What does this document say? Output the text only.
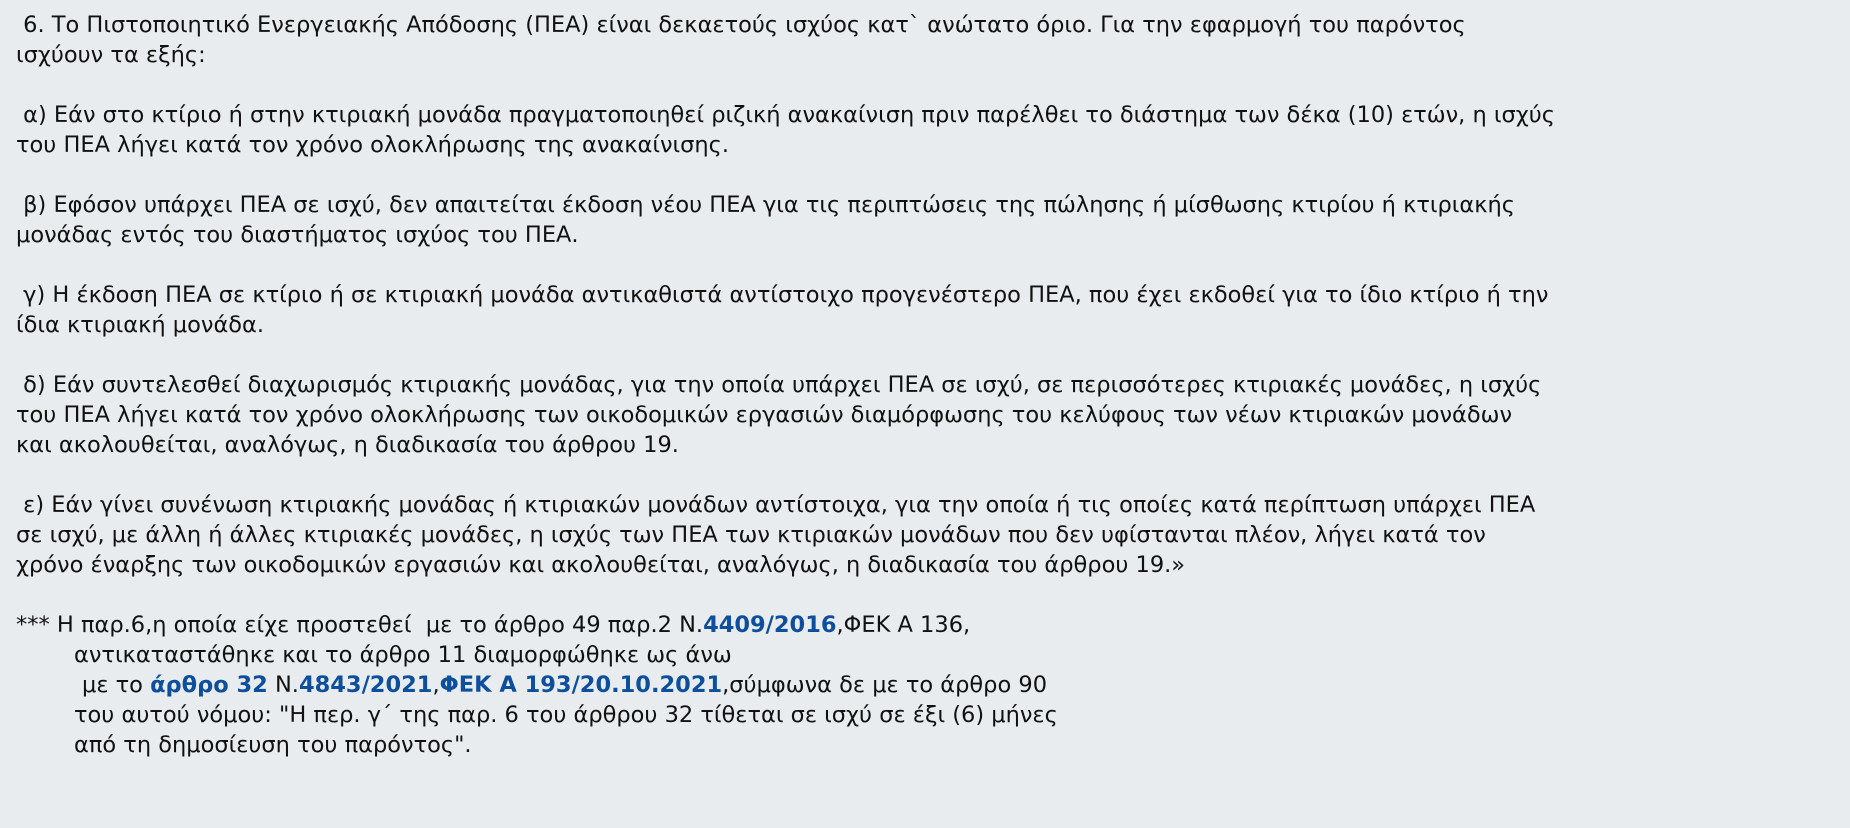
6. Το Πιστοποιητικό Ενεργειακής Απόδοσης (ΠΕΑ) είναι δεκαετούς ισχύος κατ` ανώτατο όριο. Για την εφαρμογή του παρόντος

ισχύουν τα εξής:

α) Εάν στο κτίριο ή στην κτιριακή μονάδα πραγματοποιηθεί ριζική ανακαίνιση πριν παρέλθει το διάστημα των δέκα (10) ετών, η ισχύς

του ΠΕΑ λήγει κατά τον χρόνο ολοκλήρωσης της ανακαίνισης.

β) Εφόσον υπάρχει ΠΕΑ σε ισχύ, δεν απαιτείται έκδοση νέου ΠΕΑ για τις περιπτώσεις της πώλησης ή μίσθωσης κτιρίου ή κτιριακής

μονάδας εντός του διαστήματος ισχύος του ΠΕΑ.

γ) Η έκδοση ΠΕΑ σε κτίριο ή σε κτιριακή μονάδα αντικαθιστά αντίστοιχο προγενέστερο ΠΕΑ, που έχει εκδοθεί για το ίδιο κτίριο ή την

ίδια κτιριακή μονάδα.

δ) Εάν συντελεσθεί διαχωρισμός κτιριακής μονάδας, για την οποία υπάρχει ΠΕΑ σε ισχύ, σε περισσότερες κτιριακές μονάδες, η ισχύς

του ΠΕΑ λήγει κατά τον χρόνο ολοκλήρωσης των οικοδομικών εργασιών διαμόρφωσης του κελύφους των νέων κτιριακών μονάδων

και ακολουθείται, αναλόγως, η διαδικασία του άρθρου 19.

ε) Εάν γίνει συνένωση κτιριακής μονάδας ή κτιριακών μονάδων αντίστοιχα, για την οποία ή τις οποίες κατά περίπτωση υπάρχει ΠΕΑ

σε ισχύ, με άλλη ή άλλες κτιριακές μονάδες, η ισχύς των ΠΕΑ των κτιριακών μονάδων που δεν υφίστανται πλέον, λήγει κατά τον

χρόνο έναρξης των οικοδομικών εργασιών και ακολουθείται, αναλόγως, η διαδικασία του άρθρου 19.»

*** Η παρ.6,η οποία είχε προστεθεί  με το άρθρο 49 παρ.2 Ν.4409/2016,ΦΕΚ Α 136,

αντικαταστάθηκε και το άρθρο 11 διαμορφώθηκε ως άνω

με το άρθρο 32 Ν.4843/2021,ΦΕΚ Α 193/20.10.2021,σύμφωνα δε με το άρθρο 90

του αυτού νόμου: "Η περ. γ΄ της παρ. 6 του άρθρου 32 τίθεται σε ισχύ σε έξι (6) μήνες

από τη δημοσίευση του παρόντος".
